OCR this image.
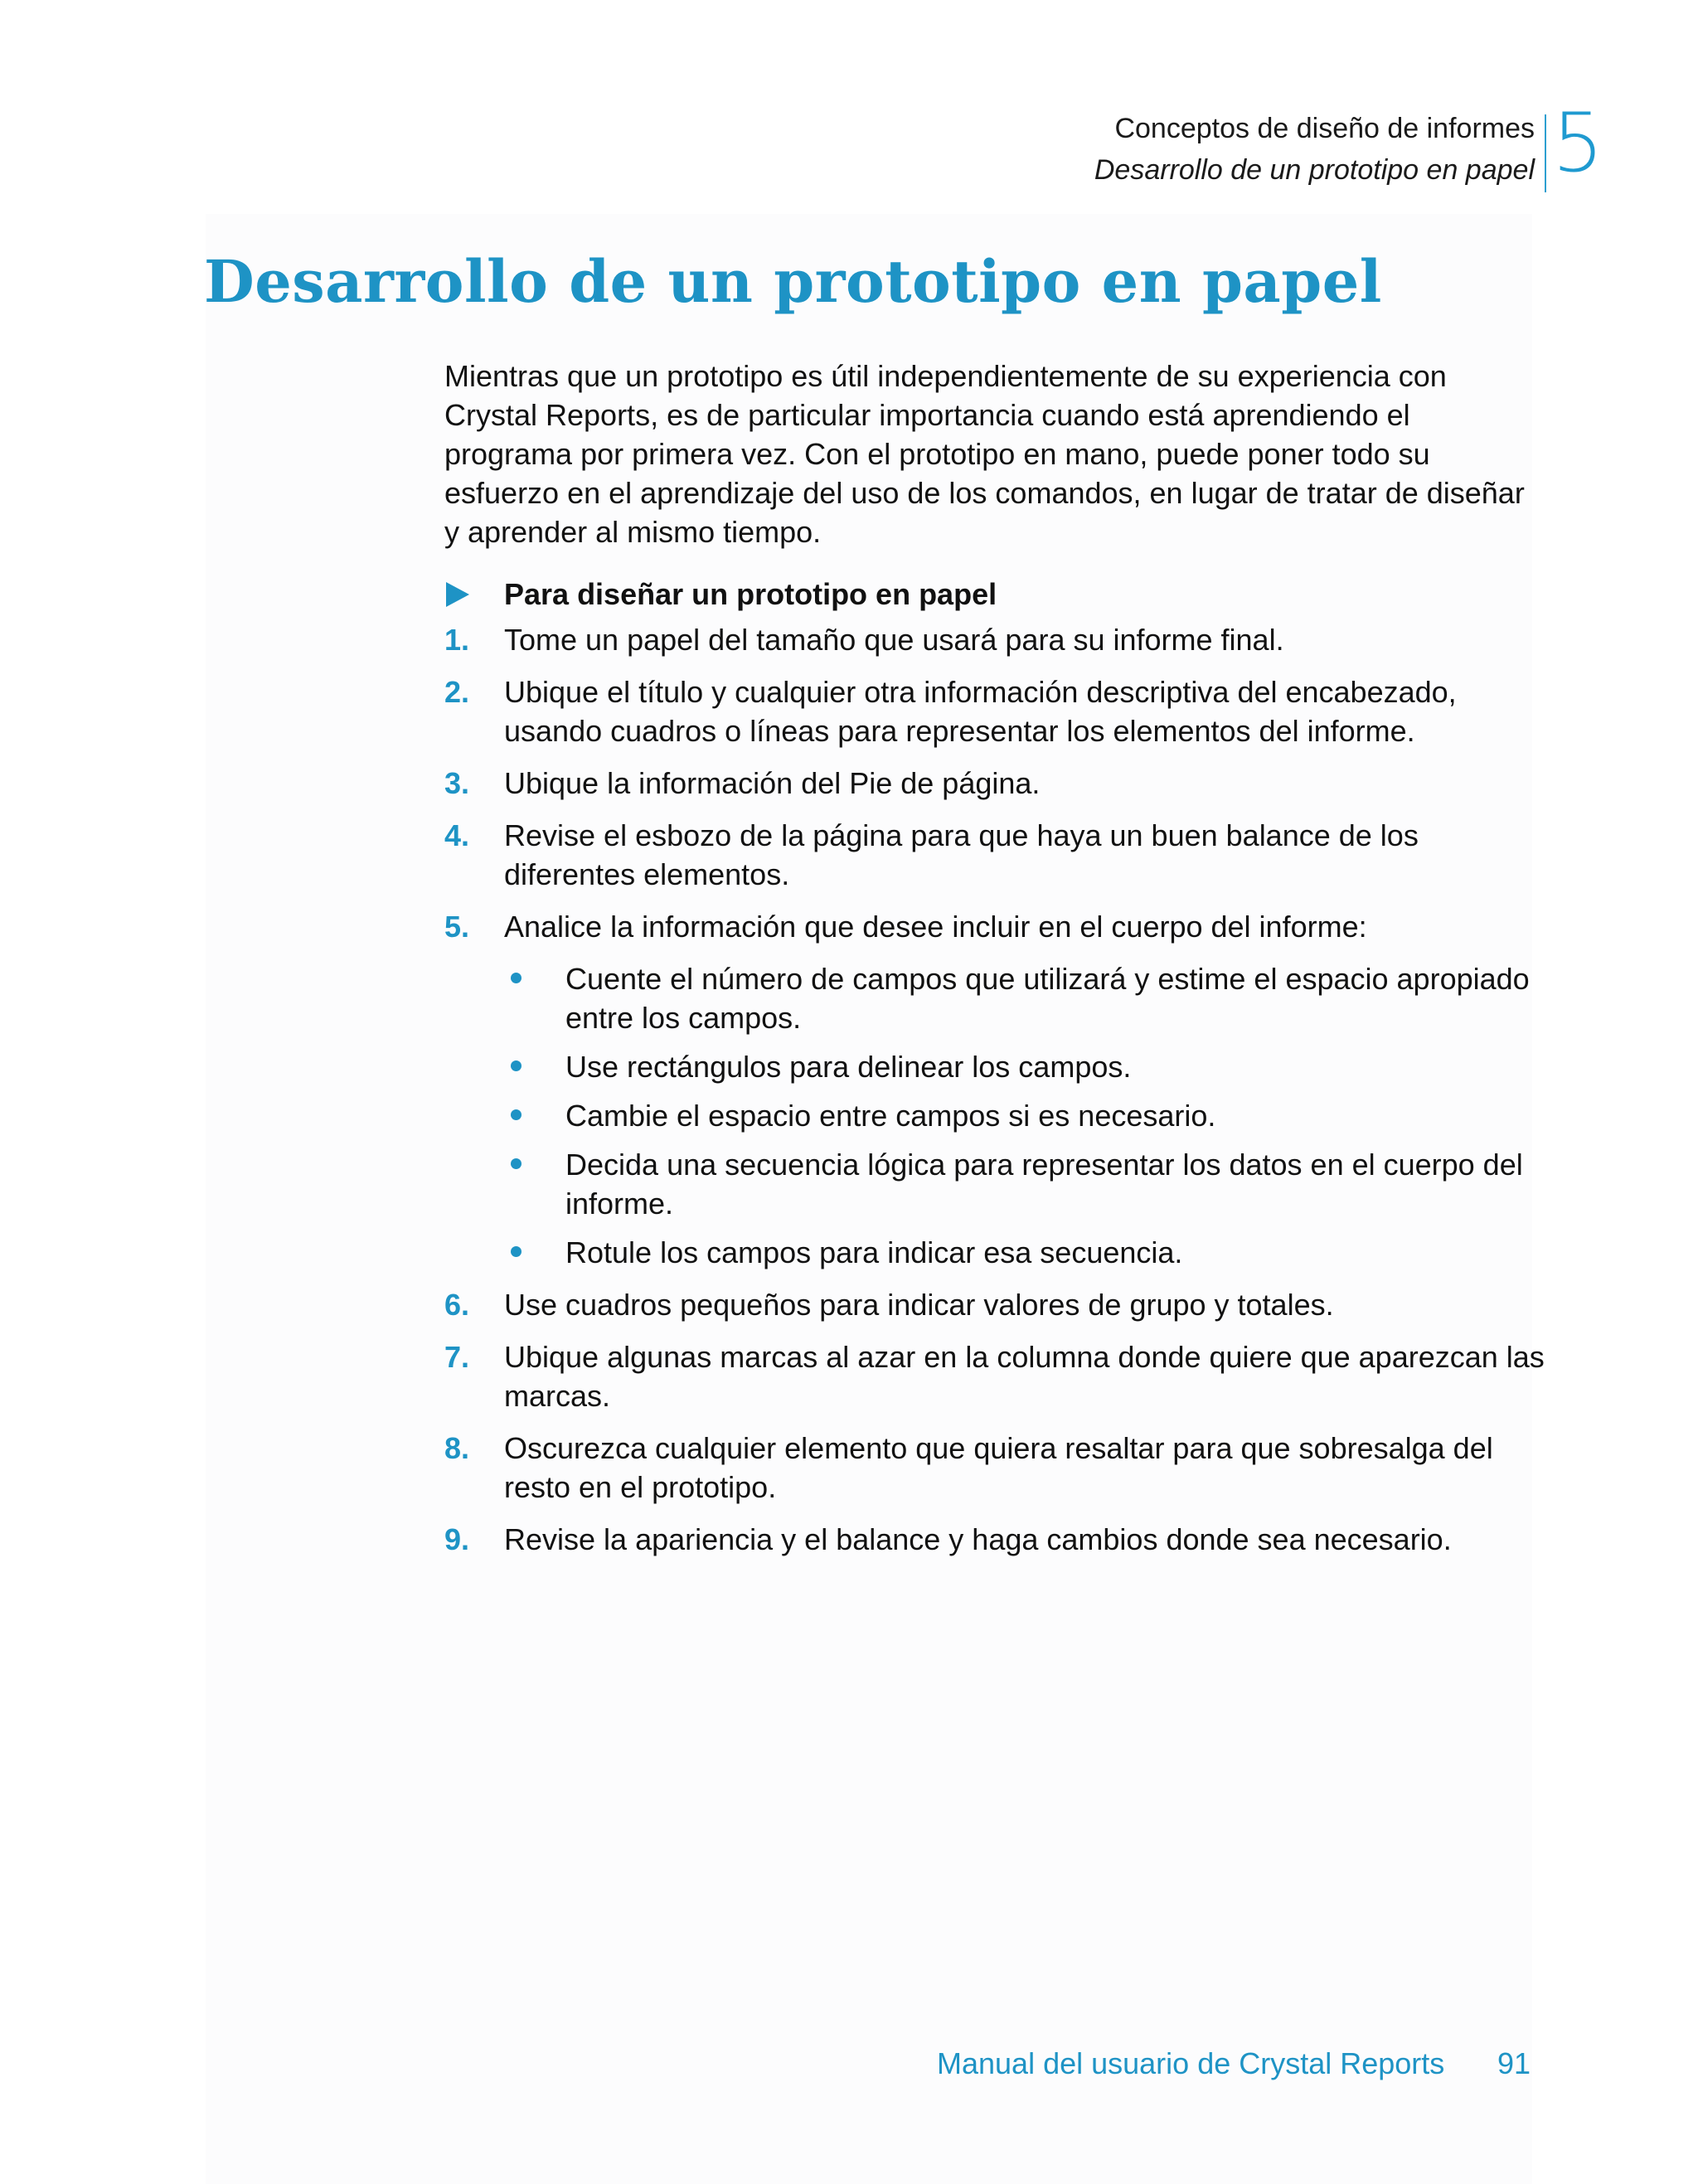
Conceptos de diseño de informes
Desarrollo de un prototipo en papel 5
Desarrollo de un prototipo en papel

Mientras que un prototipo es útil independientemente de su experiencia con Crystal Reports, es de particular importancia cuando está aprendiendo el programa por primera vez. Con el prototipo en mano, puede poner todo su esfuerzo en el aprendizaje del uso de los comandos, en lugar de tratar de diseñar y aprender al mismo tiempo.

Para diseñar un prototipo en papel
1. Tome un papel del tamaño que usará para su informe final.
2. Ubique el título y cualquier otra información descriptiva del encabezado, usando cuadros o líneas para representar los elementos del informe.
3. Ubique la información del Pie de página.
4. Revise el esbozo de la página para que haya un buen balance de los diferentes elementos.
5. Analice la información que desee incluir en el cuerpo del informe:
Cuente el número de campos que utilizará y estime el espacio apropiado entre los campos.
Use rectángulos para delinear los campos.
Cambie el espacio entre campos si es necesario.
Decida una secuencia lógica para representar los datos en el cuerpo del informe.
Rotule los campos para indicar esa secuencia.
6. Use cuadros pequeños para indicar valores de grupo y totales.
7. Ubique algunas marcas al azar en la columna donde quiere que aparezcan las marcas.
8. Oscurezca cualquier elemento que quiera resaltar para que sobresalga del resto en el prototipo.
9. Revise la apariencia y el balance y haga cambios donde sea necesario.
Manual del usuario de Crystal Reports 91
